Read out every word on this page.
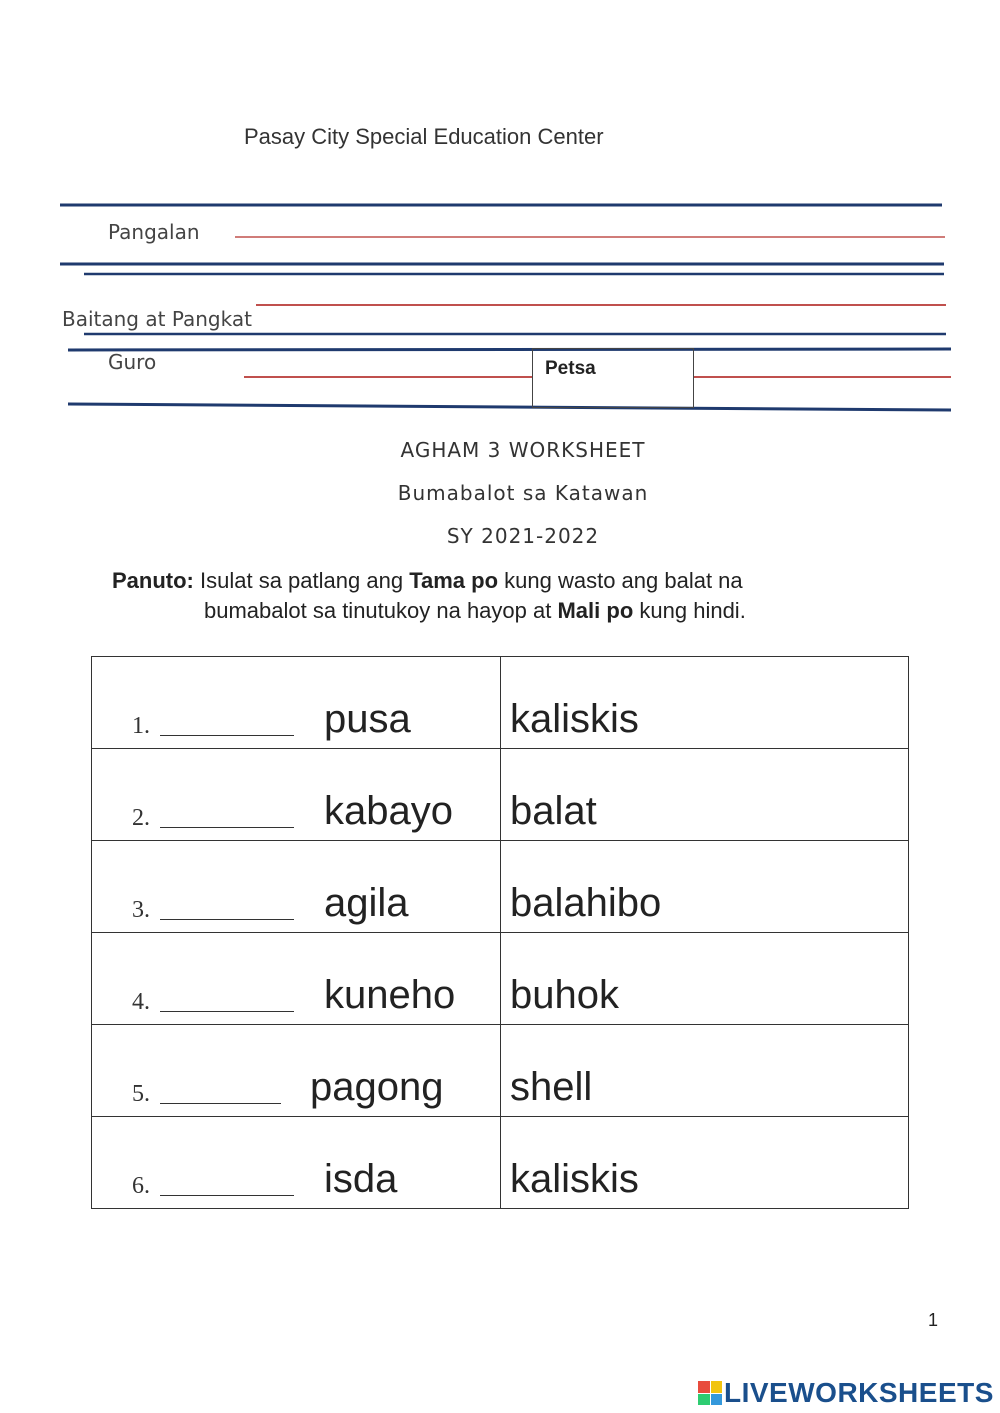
Pasay City Special Education Center
Pangalan
Baitang at Pangkat
Guro	Petsa
AGHAM 3 WORKSHEET
Bumabalot sa Katawan
SY 2021-2022
Panuto: Isulat sa patlang ang Tama po kung wasto ang balat na
bumabalot sa tinutukoy na hayop at Mali po kung hindi.
1. pusa	kaliskis

2. kabayo	balat

3. agila	balahibo

4. kuneho	buhok

5. pagong	shell

6. isda	kaliskis
1
LIVEWORKSHEETS
